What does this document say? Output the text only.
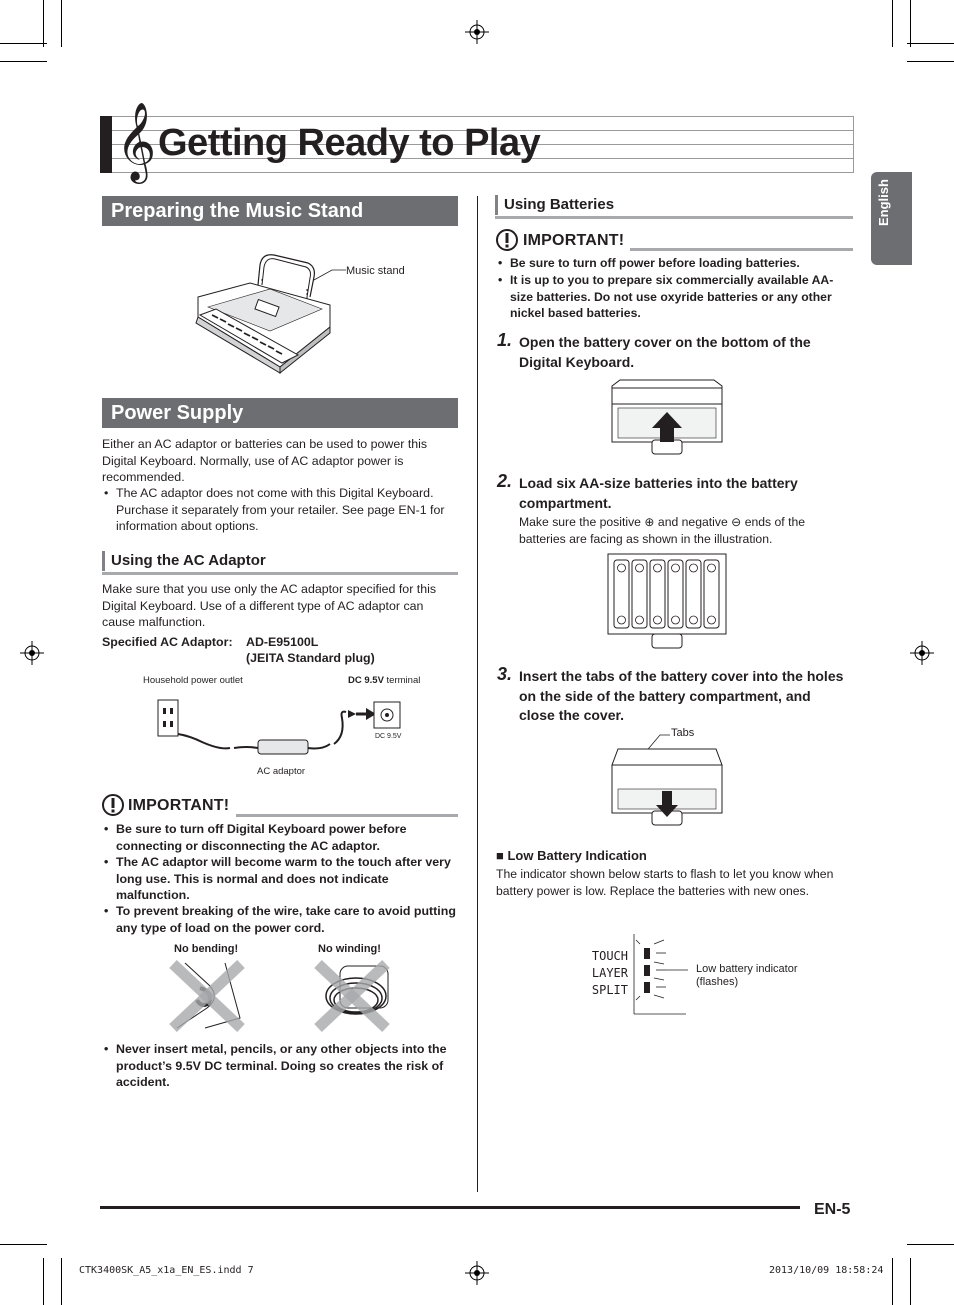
𝄞 Getting Ready to Play
English
Preparing the Music Stand
Music stand
Power Supply
Either an AC adaptor or batteries can be used to power this Digital Keyboard. Normally, use of AC adaptor power is recommended.
• The AC adaptor does not come with this Digital Keyboard. Purchase it separately from your retailer. See page EN-1 for information about options.
Using the AC Adaptor
Make sure that you use only the AC adaptor specified for this Digital Keyboard. Use of a different type of AC adaptor can cause malfunction.
Specified AC Adaptor: AD-E95100L
(JEITA Standard plug)
Household power outlet	DC 9.5V terminal
DC 9.5V
AC adaptor
IMPORTANT!
• Be sure to turn off Digital Keyboard power before connecting or disconnecting the AC adaptor.
• The AC adaptor will become warm to the touch after very long use. This is normal and does not indicate malfunction.
• To prevent breaking of the wire, take care to avoid putting any type of load on the power cord.
No bending!	No winding!
• Never insert metal, pencils, or any other objects into the product’s 9.5V DC terminal. Doing so creates the risk of accident.
Using Batteries
IMPORTANT!
• Be sure to turn off power before loading batteries.
• It is up to you to prepare six commercially available AA-size batteries. Do not use oxyride batteries or any other nickel based batteries.
1. Open the battery cover on the bottom of the Digital Keyboard.
2. Load six AA-size batteries into the battery compartment.
Make sure the positive ⊕ and negative ⊖ ends of the batteries are facing as shown in the illustration.
3. Insert the tabs of the battery cover into the holes on the side of the battery compartment, and close the cover.
Tabs
■ Low Battery Indication
The indicator shown below starts to flash to let you know when battery power is low. Replace the batteries with new ones.
TOUCH
LAYER
SPLIT
Low battery indicator
(flashes)
EN-5
CTK3400SK_A5_x1a_EN_ES.indd 7	2013/10/09 18:58:24
